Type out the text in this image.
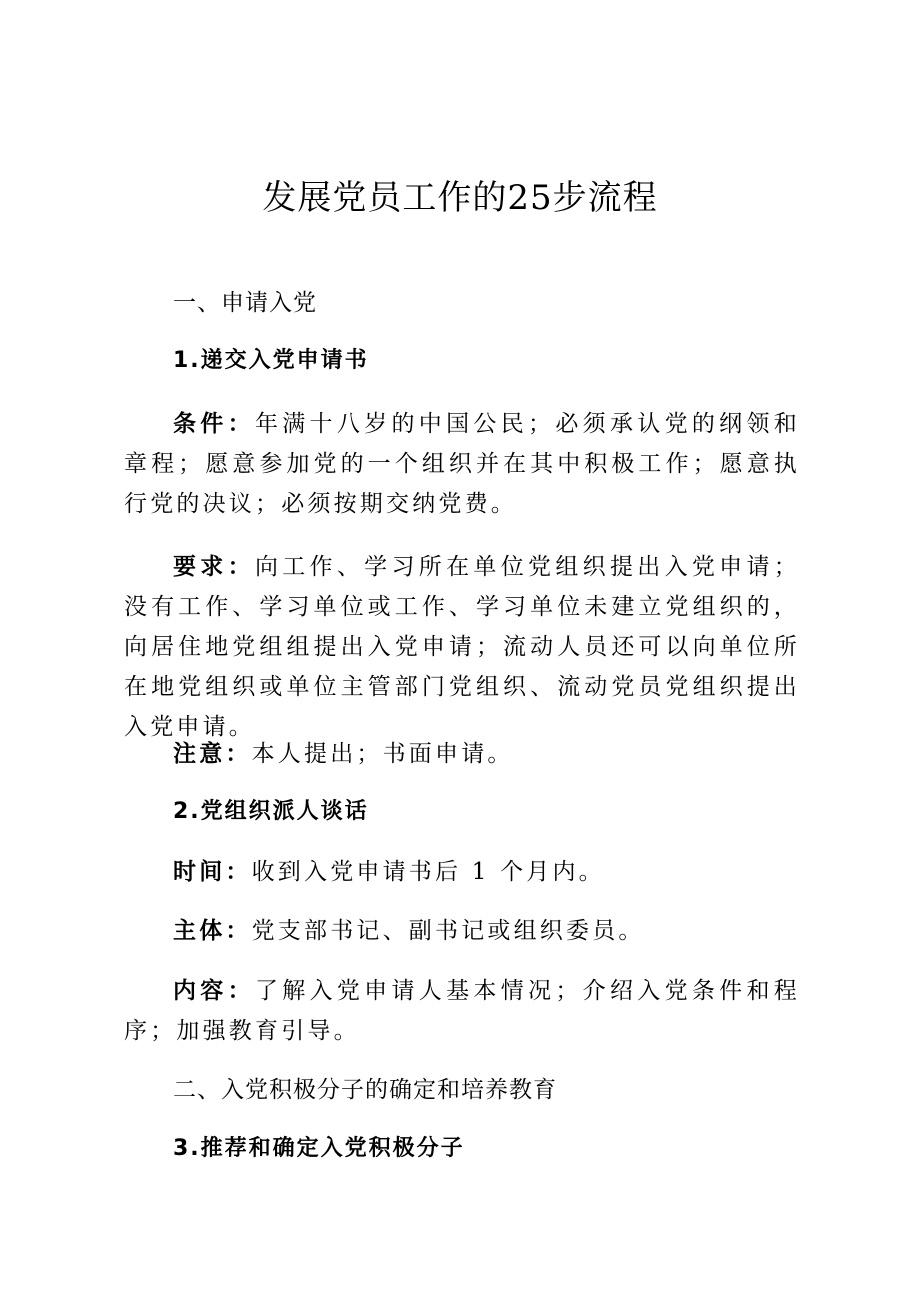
发展党员工作的25步流程
一、申请入党
1.递交入党申请书

条件：年满十八岁的中国公民；必须承认党的纲领和章程；愿意参加党的一个组织并在其中积极工作；愿意执行党的决议；必须按期交纳党费。

要求：向工作、学习所在单位党组织提出入党申请；没有工作、学习单位或工作、学习单位未建立党组织的，向居住地党组组提出入党申请；流动人员还可以向单位所在地党组织或单位主管部门党组织、流动党员党组织提出入党申请。

注意：本人提出；书面申请。

2.党组织派人谈话

时间：收到入党申请书后 1 个月内。

主体：党支部书记、副书记或组织委员。

内容：了解入党申请人基本情况；介绍入党条件和程序；加强教育引导。

二、入党积极分子的确定和培养教育
3.推荐和确定入党积极分子
